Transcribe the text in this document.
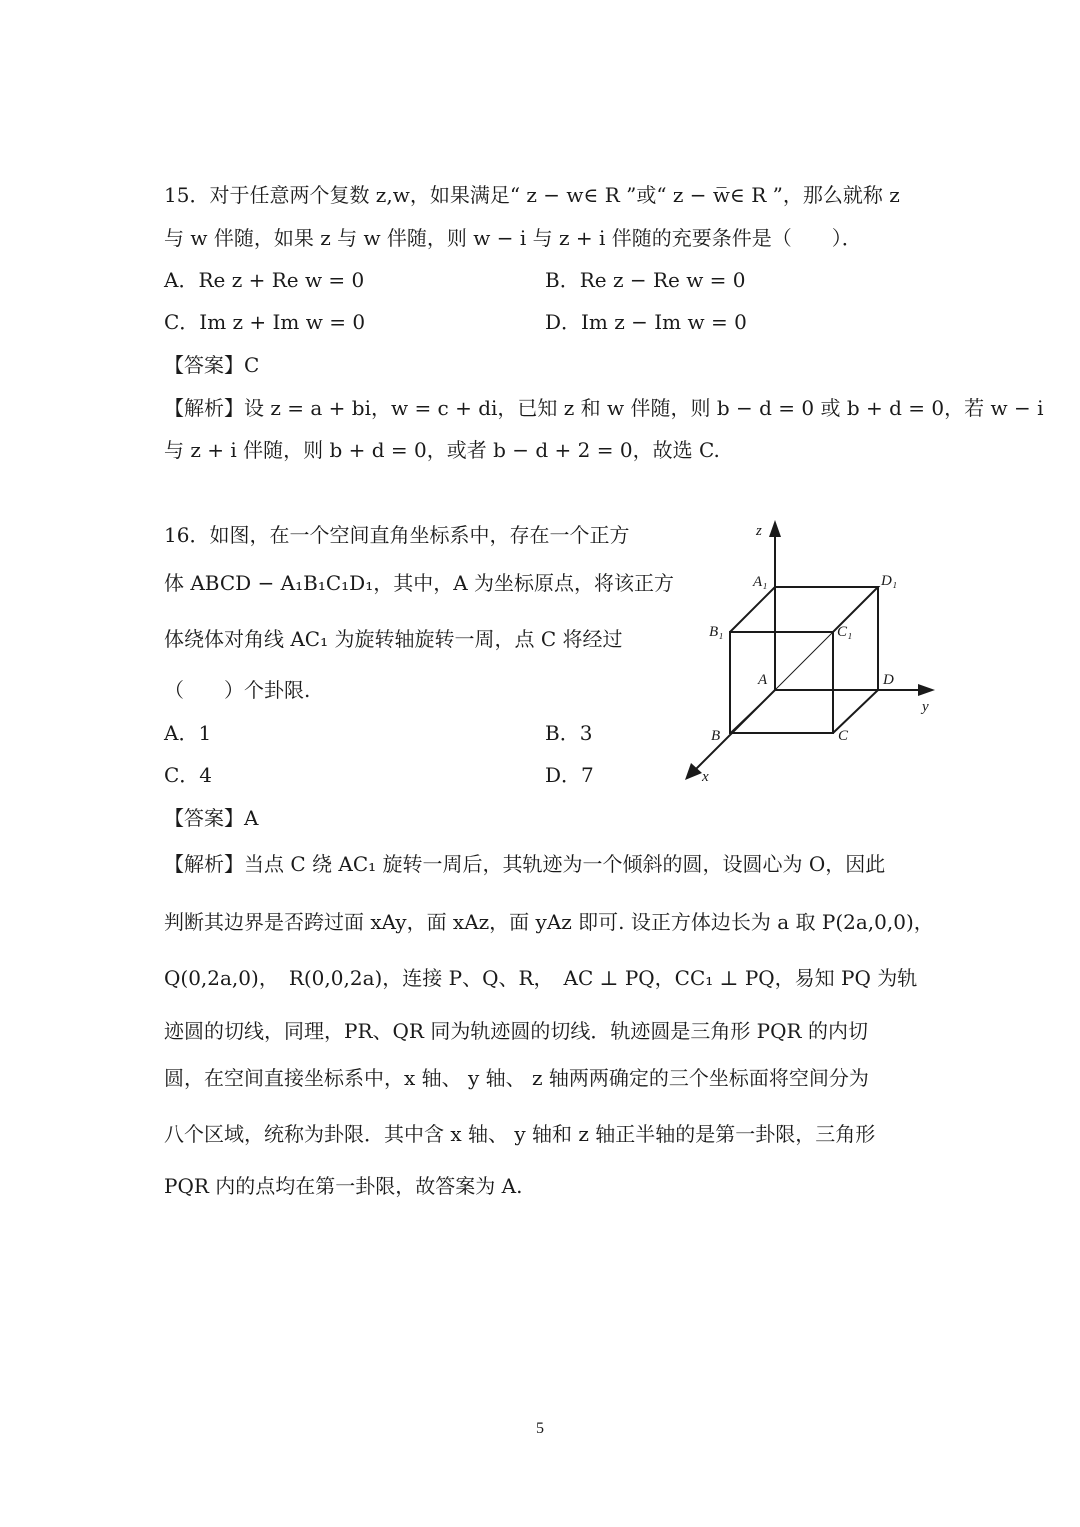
15．对于任意两个复数 z,w，如果满足“ z − w∈ R ”或“ z − w̅∈ R ”，那么就称 z
与 w 伴随，如果 z 与 w 伴随，则 w − i 与 z + i 伴随的充要条件是（　　）．
A．Re z + Re w = 0	B．Re z − Re w = 0
C．Im z + Im w = 0	D．Im z − Im w = 0
【答案】C
【解析】设 z = a + bi，w = c + di，已知 z 和 w 伴随，则 b − d = 0 或 b + d = 0，若 w − i
与 z + i 伴随，则 b + d = 0，或者 b − d + 2 = 0，故选 C.
16．如图，在一个空间直角坐标系中，存在一个正方
体 ABCD − A₁B₁C₁D₁，其中，A 为坐标原点，将该正方
体绕体对角线 AC₁ 为旋转轴旋转一周，点 C 将经过
（　　）个卦限.
A．1	B．3
C．4	D．7
【答案】A
【解析】当点 C 绕 AC₁ 旋转一周后，其轨迹为一个倾斜的圆，设圆心为 O，因此
判断其边界是否跨过面 xAy，面 xAz，面 yAz 即可. 设正方体边长为 a 取 P(2a,0,0)，
Q(0,2a,0)，　R(0,0,2a)，连接 P、Q、R，　AC ⊥ PQ，CC₁ ⊥ PQ，易知 PQ 为轨
迹圆的切线，同理，PR、QR 同为轨迹圆的切线．轨迹圆是三角形 PQR 的内切
圆，在空间直接坐标系中，x 轴、 y 轴、 z 轴两两确定的三个坐标面将空间分为
八个区域，统称为卦限．其中含 x 轴、 y 轴和 z 轴正半轴的是第一卦限，三角形
PQR 内的点均在第一卦限，故答案为 A.
z
y
x
A₁	D₁
B₁	C₁
A	D
B	C
5
